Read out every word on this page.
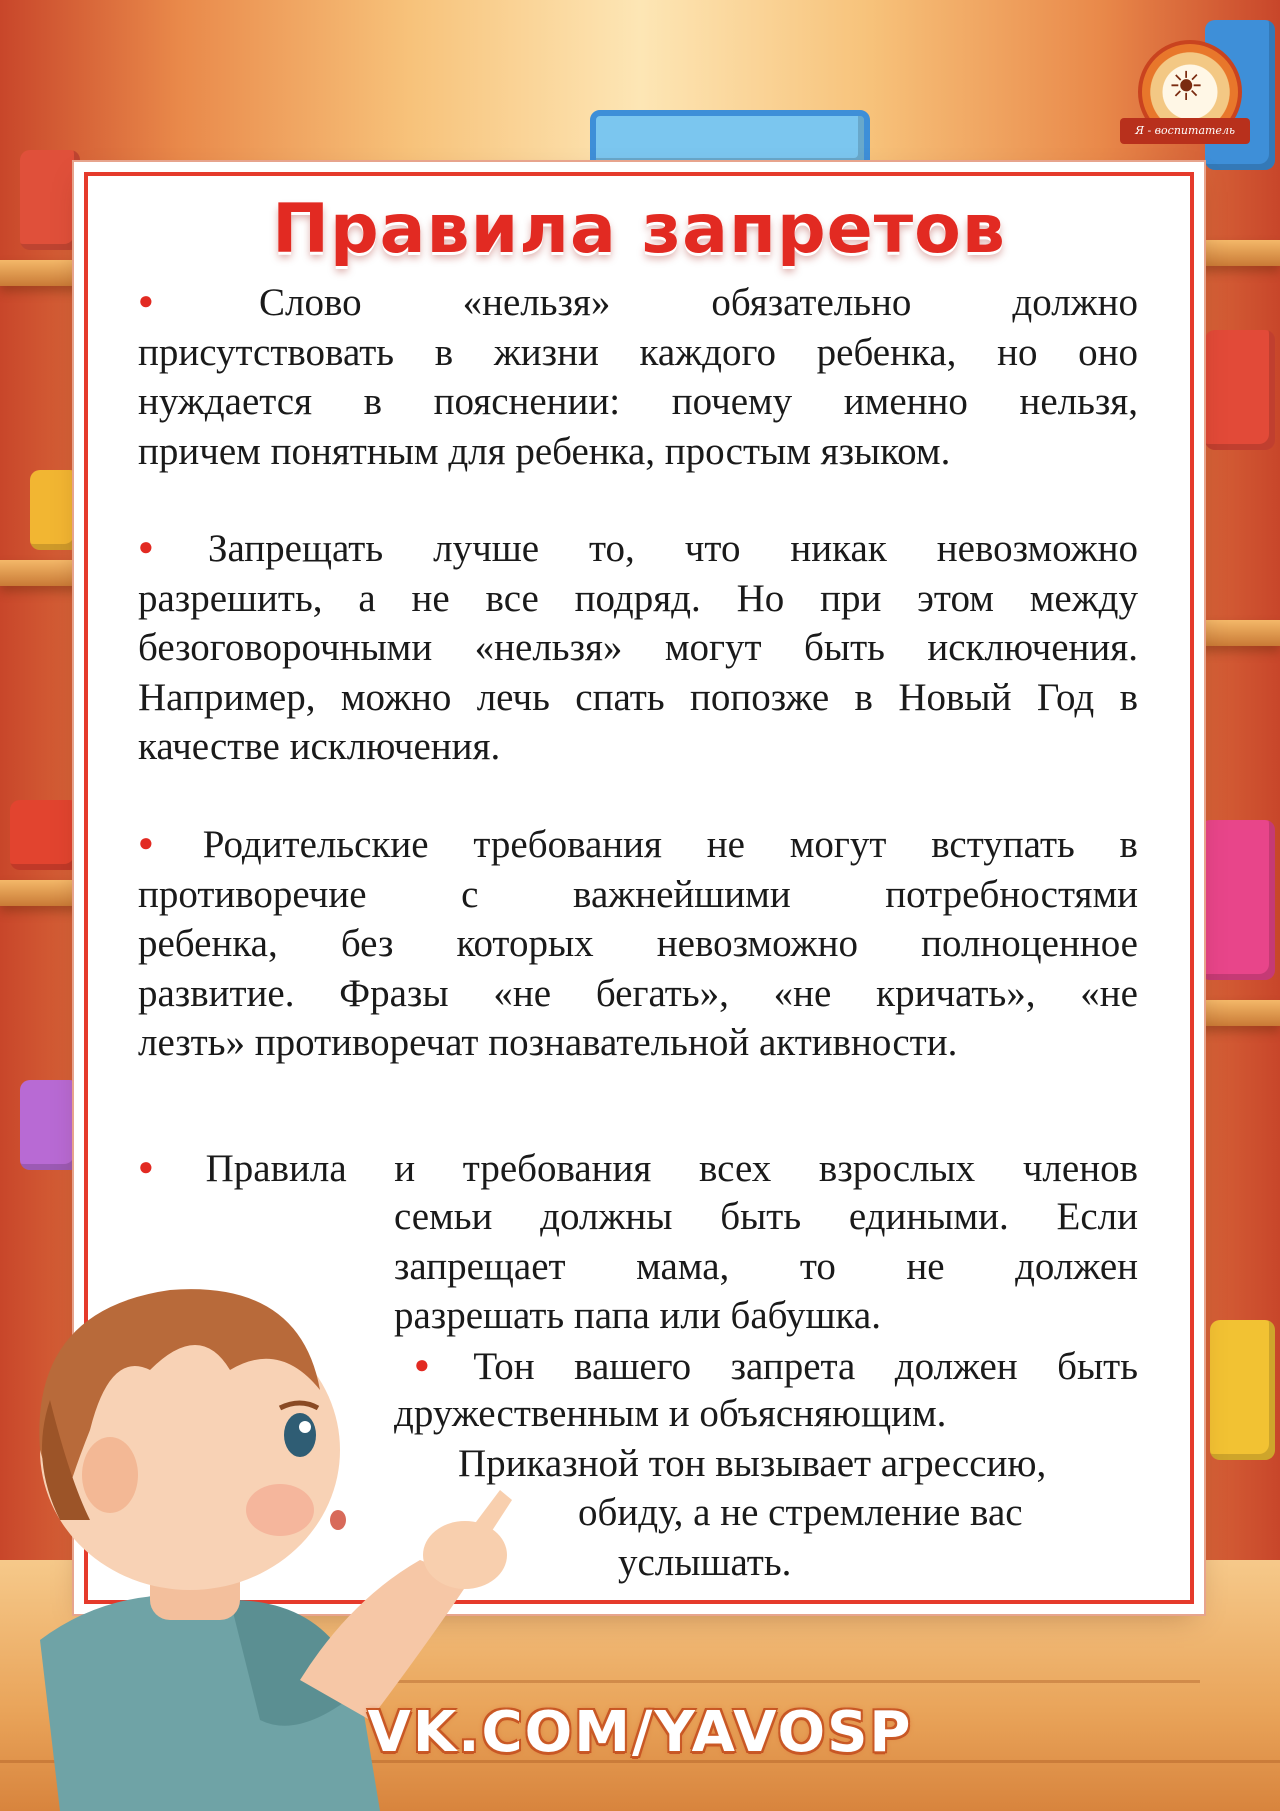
☀
Я - воспитатель
Правила запретов
● Слово «нельзя» обязательно должно
присутствовать в жизни каждого ребенка, но оно
нуждается в пояснении: почему именно нельзя,
причем понятным для ребенка, простым языком.
● Запрещать лучше то, что никак невозможно
разрешить, а не все подряд. Но при этом между
безоговорочными «нельзя» могут быть исключения.
Например, можно лечь спать попозже в Новый Год в
качестве исключения.
● Родительские требования не могут вступать в
противоречие с важнейшими потребностями
ребенка, без которых невозможно полноценное
развитие. Фразы «не бегать», «не кричать», «не
лезть» противоречат познавательной активности.
● Правила и требования всех взрослых членов
семьи должны быть едиными. Если
запрещает мама, то не должен
разрешать папа или бабушка.
● Тон вашего запрета должен быть
дружественным и объясняющим.
Приказной тон вызывает агрессию,
обиду, а не стремление вас
услышать.
VK.COM/YAVOSP
